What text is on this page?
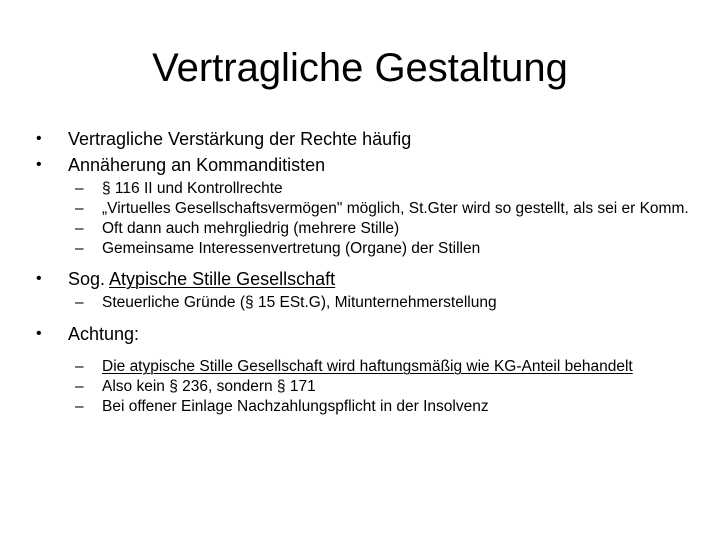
Vertragliche Gestaltung
•	Vertragliche Verstärkung der Rechte häufig
•	Annäherung an Kommanditisten
–	§ 116 II und Kontrollrechte
–	„Virtuelles Gesellschaftsvermögen" möglich, St.Gter wird so gestellt, als sei er Komm.
–	Oft dann auch mehrgliedrig (mehrere Stille)
–	Gemeinsame Interessenvertretung (Organe) der Stillen
•	Sog. Atypische Stille Gesellschaft
–	Steuerliche Gründe (§ 15 ESt.G), Mitunternehmerstellung
•	Achtung:
–	Die atypische Stille Gesellschaft wird haftungsmäßig wie KG-Anteil behandelt
–	Also kein § 236, sondern § 171
–	Bei offener Einlage Nachzahlungspflicht in der Insolvenz
